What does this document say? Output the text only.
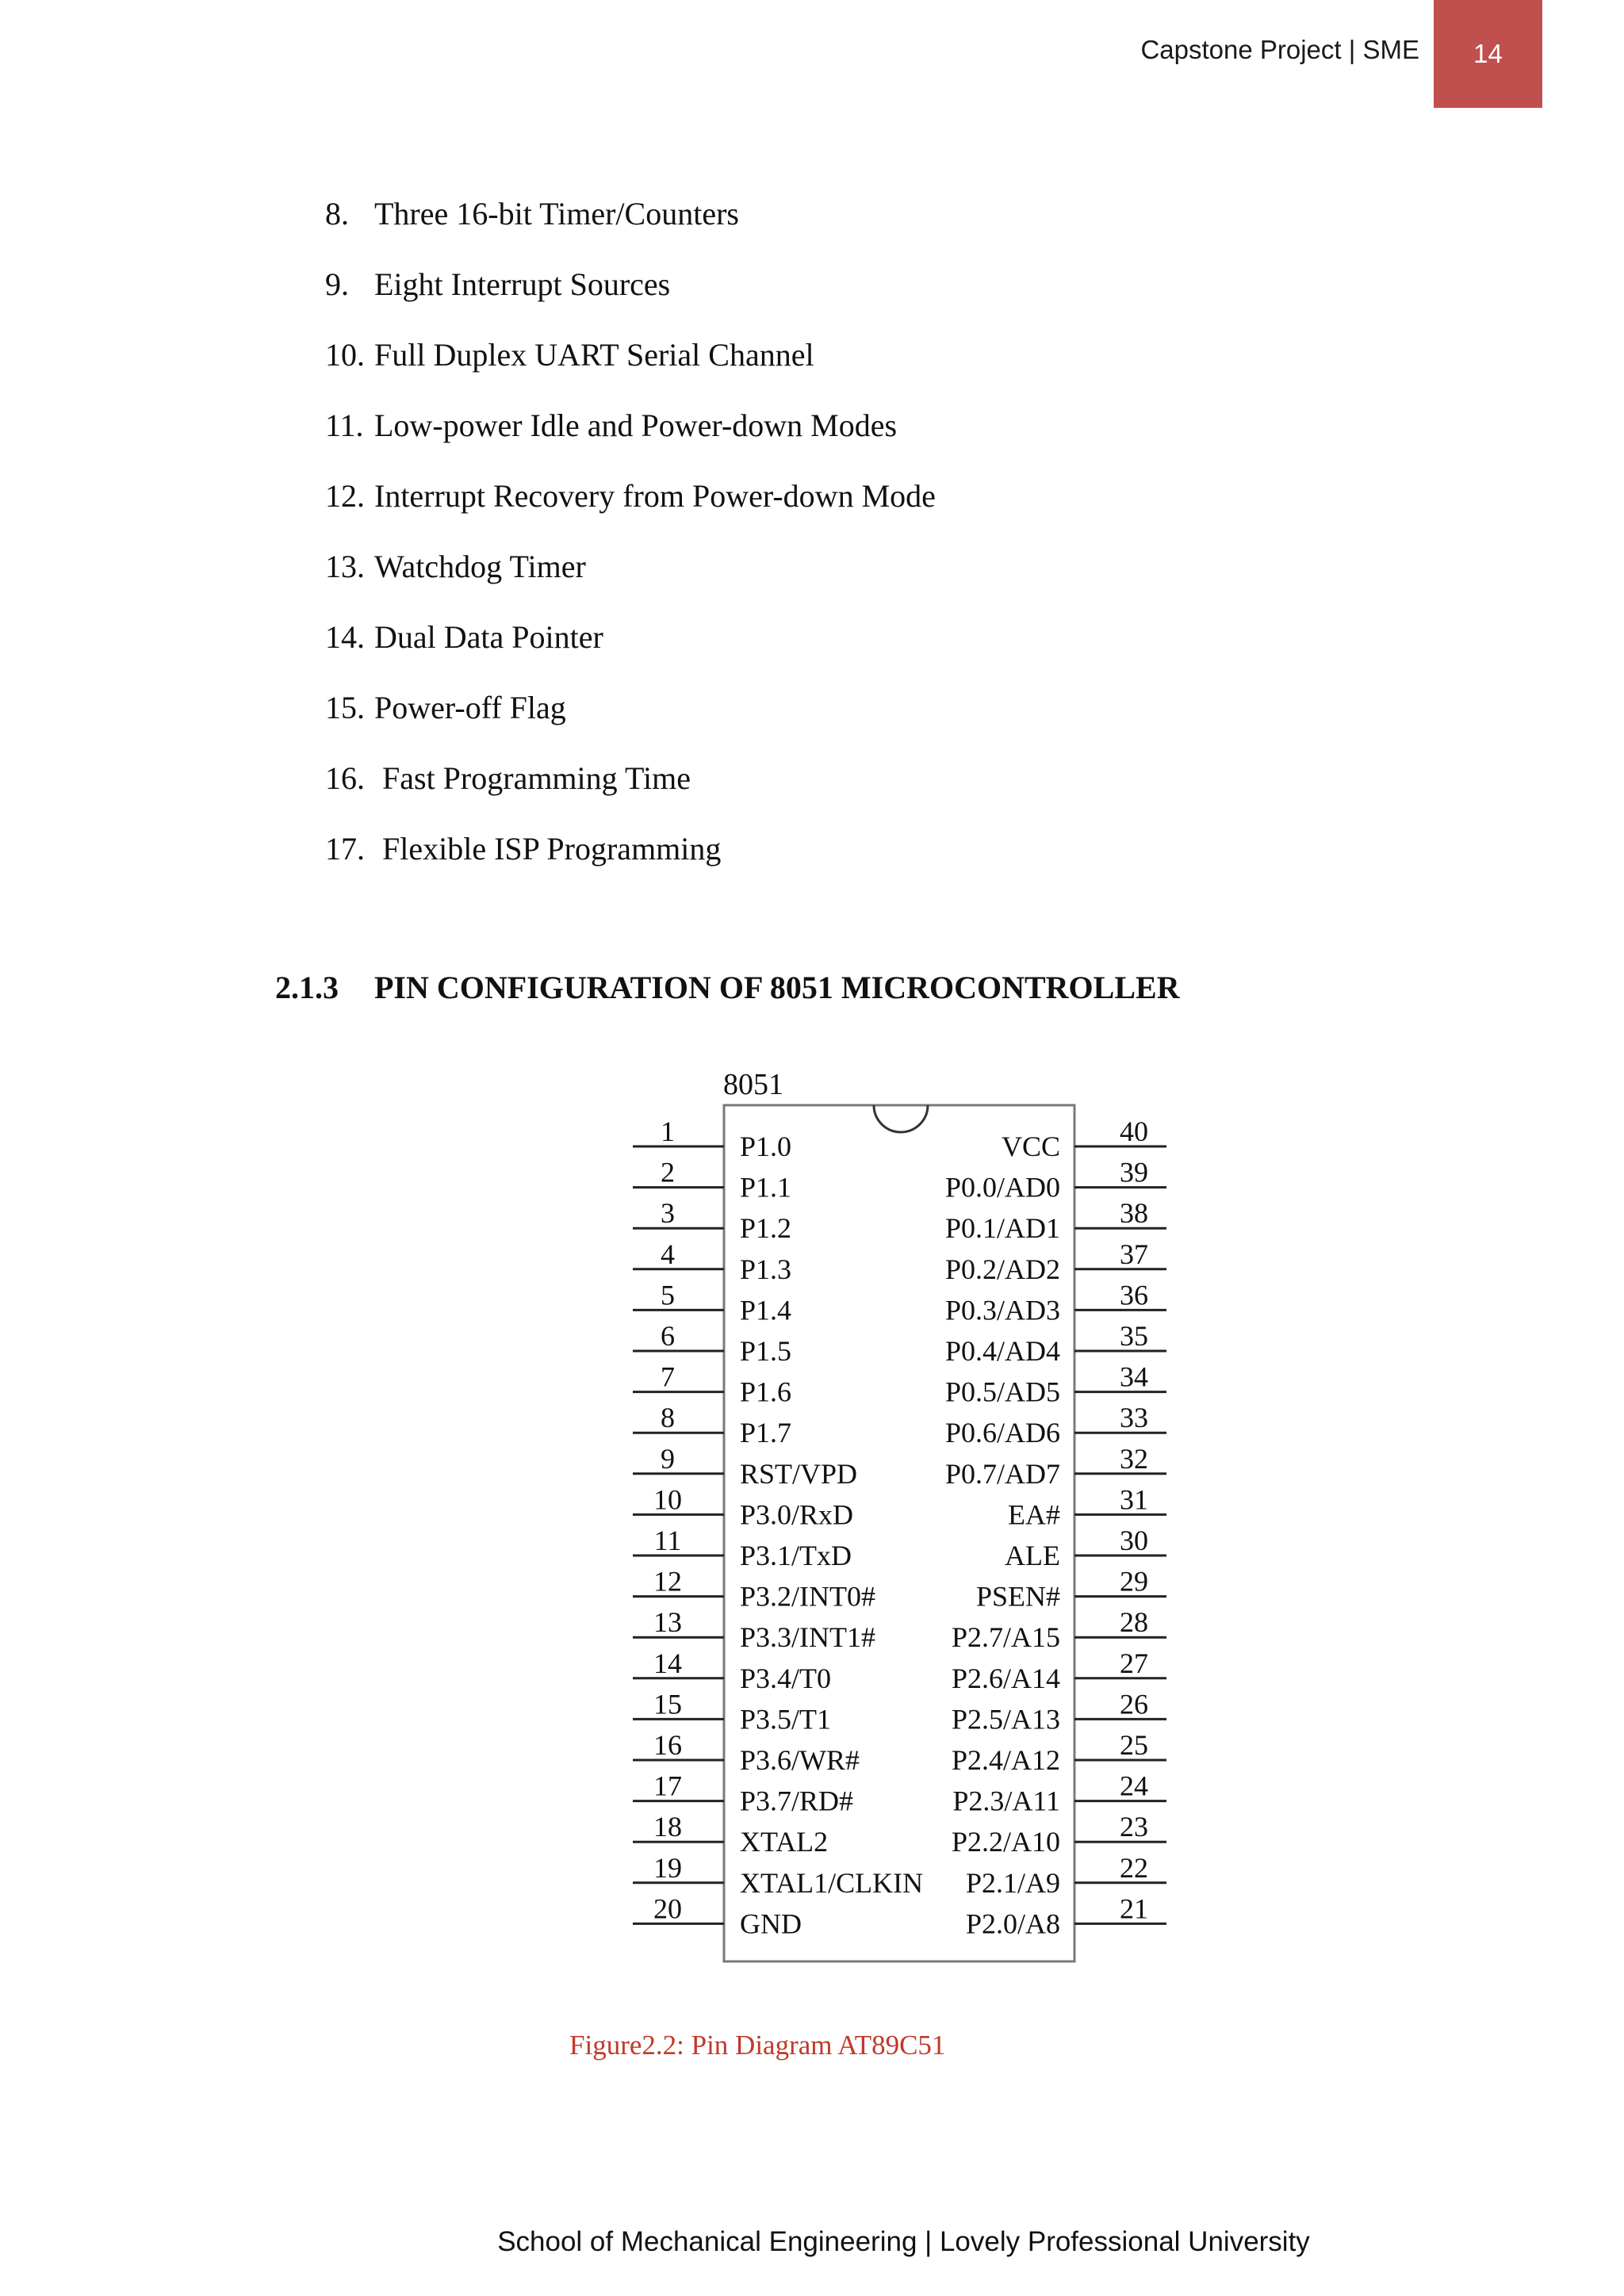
Capstone Project | SME 14
8. Three 16-bit Timer/Counters
9. Eight Interrupt Sources
10. Full Duplex UART Serial Channel
11. Low-power Idle and Power-down Modes
12. Interrupt Recovery from Power-down Mode
13. Watchdog Timer
14. Dual Data Pointer
15. Power-off Flag
16. Fast Programming Time
17. Flexible ISP Programming
2.1.3 PIN CONFIGURATION OF 8051 MICROCONTROLLER
8051
1 P1.0
2 P1.1
3 P1.2
4 P1.3
5 P1.4
6 P1.5
7 P1.6
8 P1.7
9 RST/VPD
10 P3.0/RxD
11 P3.1/TxD
12 P3.2/INT0#
13 P3.3/INT1#
14 P3.4/T0
15 P3.5/T1
16 P3.6/WR#
17 P3.7/RD#
18 XTAL2
19 XTAL1/CLKIN
20 GND
40
VCC
39
P0.0/AD0
38
P0.1/AD1
37
P0.2/AD2
36
P0.3/AD3
35
P0.4/AD4
34
P0.5/AD5
33
P0.6/AD6
32
P0.7/AD7
31
EA#
30
ALE
29
PSEN#
28
P2.7/A15
27
P2.6/A14
26
P2.5/A13
25
P2.4/A12
24
P2.3/A11
23
P2.2/A10
22
P2.1/A9
21
P2.0/A8
Figure2.2: Pin Diagram AT89C51
School of Mechanical Engineering | Lovely Professional University
